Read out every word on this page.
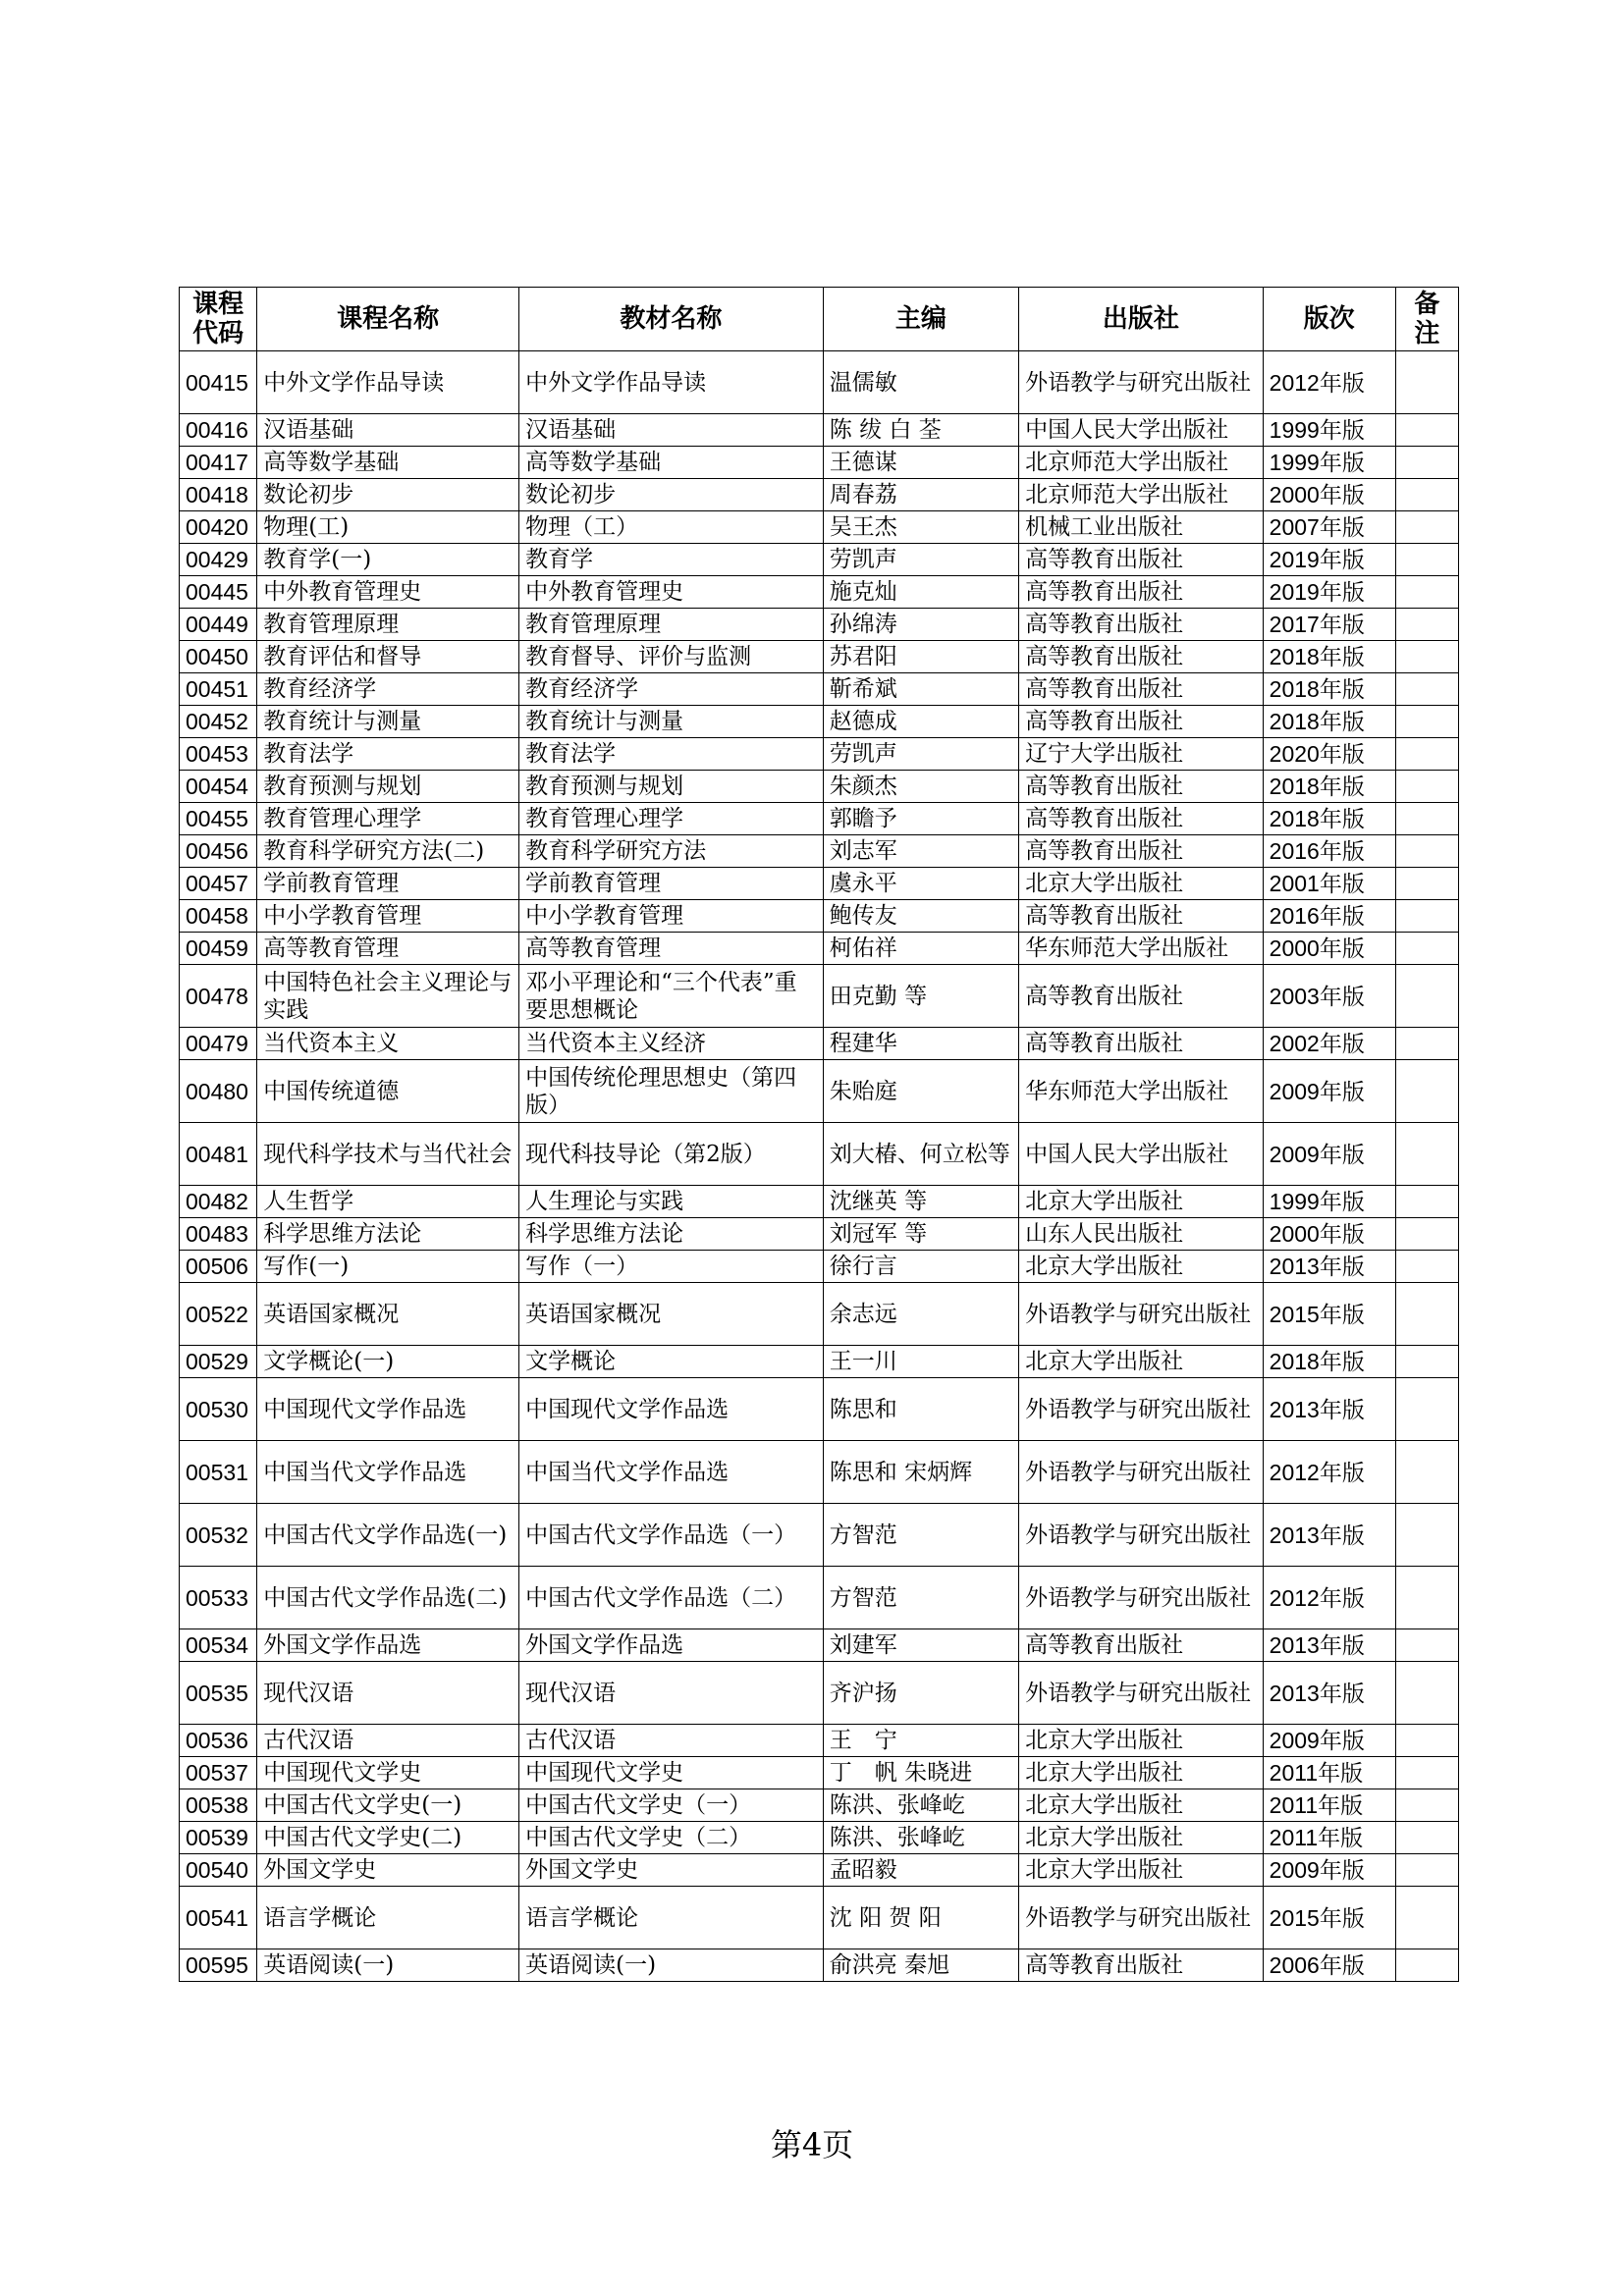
课程代码	课程名称	教材名称	主编	出版社	版次	备注
00415	中外文学作品导读	中外文学作品导读	温儒敏	外语教学与研究出版社	2012年版	
00416	汉语基础	汉语基础	陈 绂 白 荃	中国人民大学出版社	1999年版	
00417	高等数学基础	高等数学基础	王德谋	北京师范大学出版社	1999年版	
00418	数论初步	数论初步	周春荔	北京师范大学出版社	2000年版	
00420	物理(工)	物理（工）	吴王杰	机械工业出版社	2007年版	
00429	教育学(一)	教育学	劳凯声	高等教育出版社	2019年版	
00445	中外教育管理史	中外教育管理史	施克灿	高等教育出版社	2019年版	
00449	教育管理原理	教育管理原理	孙绵涛	高等教育出版社	2017年版	
00450	教育评估和督导	教育督导、评价与监测	苏君阳	高等教育出版社	2018年版	
00451	教育经济学	教育经济学	靳希斌	高等教育出版社	2018年版	
00452	教育统计与测量	教育统计与测量	赵德成	高等教育出版社	2018年版	
00453	教育法学	教育法学	劳凯声	辽宁大学出版社	2020年版	
00454	教育预测与规划	教育预测与规划	朱颜杰	高等教育出版社	2018年版	
00455	教育管理心理学	教育管理心理学	郭瞻予	高等教育出版社	2018年版	
00456	教育科学研究方法(二)	教育科学研究方法	刘志军	高等教育出版社	2016年版	
00457	学前教育管理	学前教育管理	虞永平	北京大学出版社	2001年版	
00458	中小学教育管理	中小学教育管理	鲍传友	高等教育出版社	2016年版	
00459	高等教育管理	高等教育管理	柯佑祥	华东师范大学出版社	2000年版	
00478	中国特色社会主义理论与实践	邓小平理论和“三个代表”重要思想概论	田克勤 等	高等教育出版社	2003年版	
00479	当代资本主义	当代资本主义经济	程建华	高等教育出版社	2002年版	
00480	中国传统道德	中国传统伦理思想史（第四版）	朱贻庭	华东师范大学出版社	2009年版	
00481	现代科学技术与当代社会	现代科技导论（第2版）	刘大椿、何立松等	中国人民大学出版社	2009年版	
00482	人生哲学	人生理论与实践	沈继英 等	北京大学出版社	1999年版	
00483	科学思维方法论	科学思维方法论	刘冠军 等	山东人民出版社	2000年版	
00506	写作(一)	写作（一）	徐行言	北京大学出版社	2013年版	
00522	英语国家概况	英语国家概况	余志远	外语教学与研究出版社	2015年版	
00529	文学概论(一)	文学概论	王一川	北京大学出版社	2018年版	
00530	中国现代文学作品选	中国现代文学作品选	陈思和	外语教学与研究出版社	2013年版	
00531	中国当代文学作品选	中国当代文学作品选	陈思和 宋炳辉	外语教学与研究出版社	2012年版	
00532	中国古代文学作品选(一)	中国古代文学作品选（一）	方智范	外语教学与研究出版社	2013年版	
00533	中国古代文学作品选(二)	中国古代文学作品选（二）	方智范	外语教学与研究出版社	2012年版	
00534	外国文学作品选	外国文学作品选	刘建军	高等教育出版社	2013年版	
00535	现代汉语	现代汉语	齐沪扬	外语教学与研究出版社	2013年版	
00536	古代汉语	古代汉语	王　宁	北京大学出版社	2009年版	
00537	中国现代文学史	中国现代文学史	丁　帆 朱晓进	北京大学出版社	2011年版	
00538	中国古代文学史(一)	中国古代文学史（一）	陈洪、张峰屹	北京大学出版社	2011年版	
00539	中国古代文学史(二)	中国古代文学史（二）	陈洪、张峰屹	北京大学出版社	2011年版	
00540	外国文学史	外国文学史	孟昭毅	北京大学出版社	2009年版	
00541	语言学概论	语言学概论	沈 阳 贺 阳	外语教学与研究出版社	2015年版	
00595	英语阅读(一)	英语阅读(一)	俞洪亮 秦旭	高等教育出版社	2006年版	
第4页
